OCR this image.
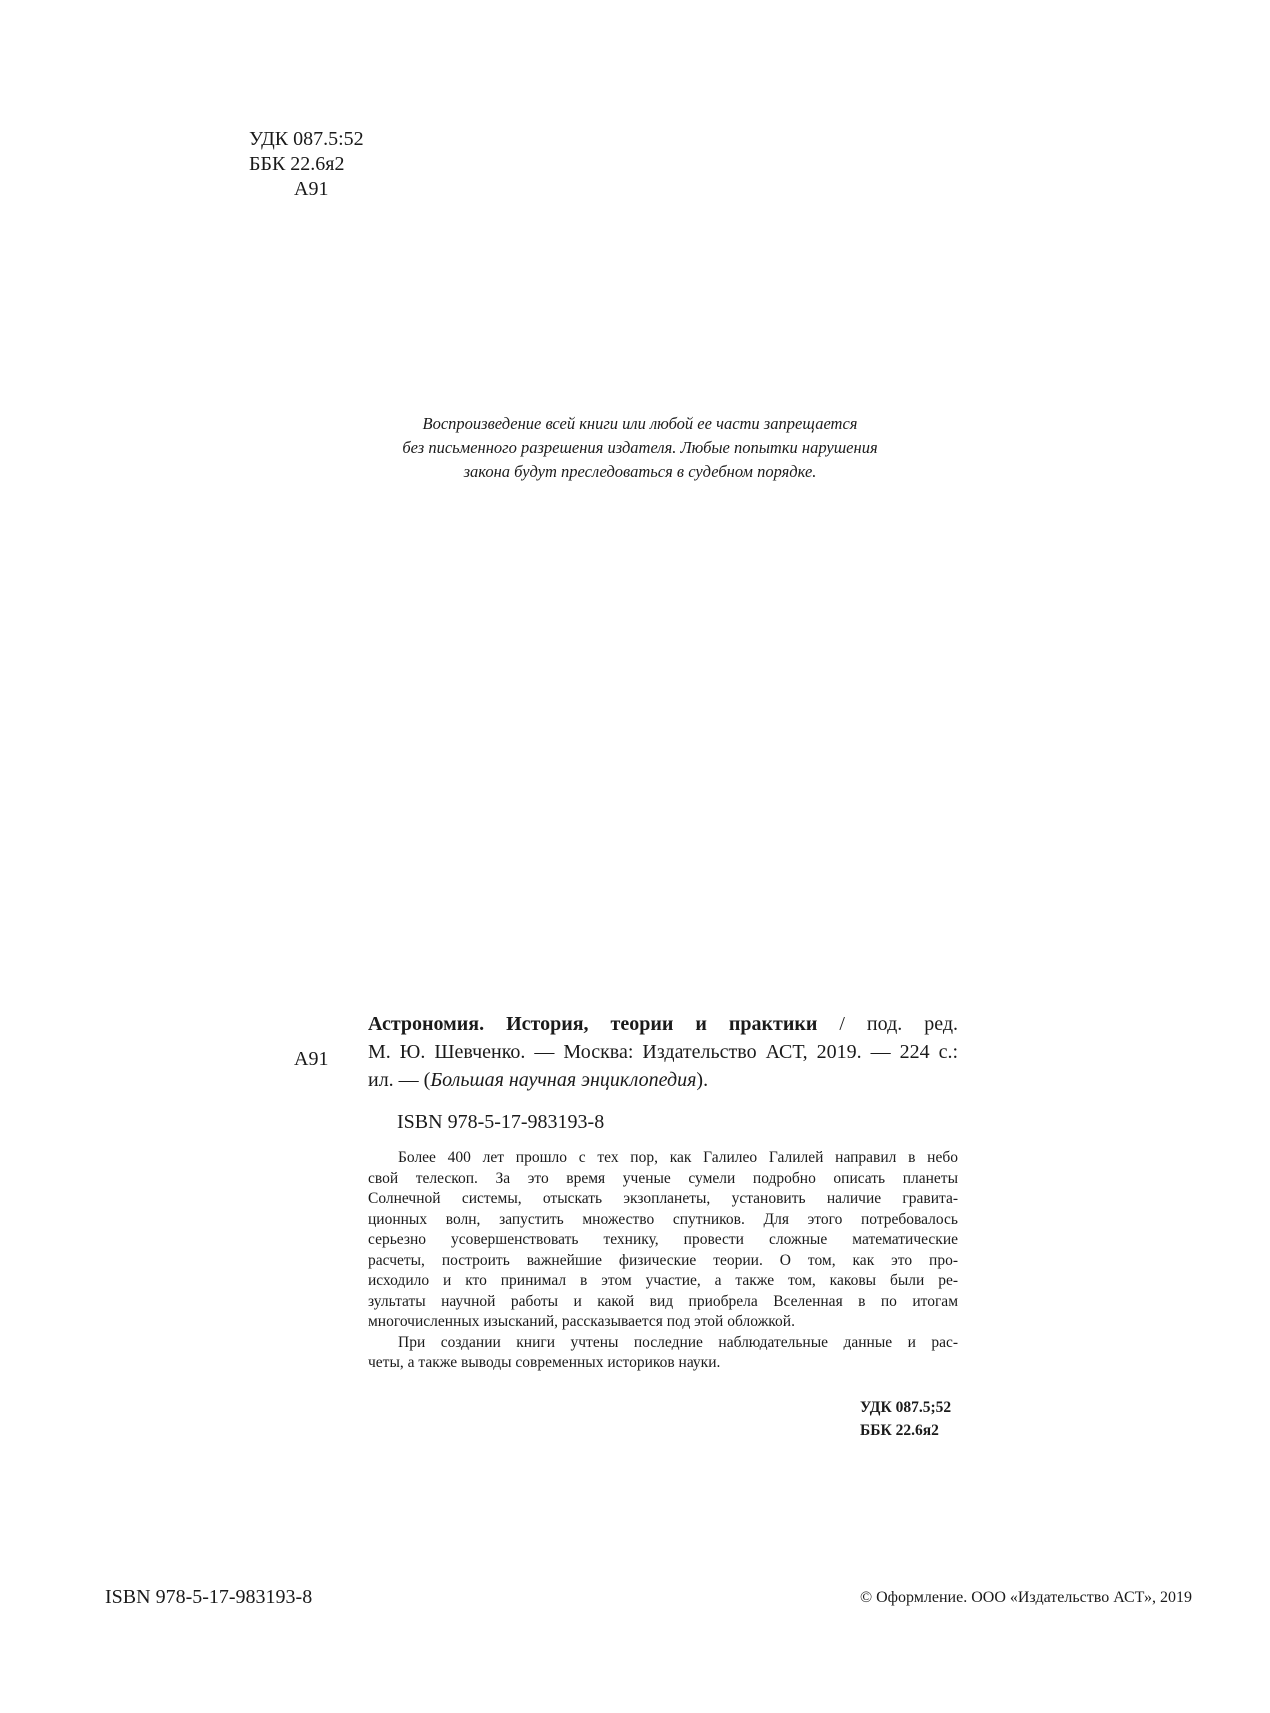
УДК 087.5:52
ББК 22.6я2
А91
Воспроизведение всей книги или любой ее части запрещается
без письменного разрешения издателя. Любые попытки нарушения
закона будут преследоваться в судебном порядке.
А91
Астрономия. История, теории и практики / под. ред.
М. Ю. Шевченко. — Москва: Издательство АСТ, 2019. — 224 с.:
ил. — (Большая научная энциклопедия).
ISBN 978-5-17-983193-8
Более 400 лет прошло с тех пор, как Галилео Галилей направил в небо
свой телескоп. За это время ученые сумели подробно описать планеты
Солнечной системы, отыскать экзопланеты, установить наличие гравита-
ционных волн, запустить множество спутников. Для этого потребовалось
серьезно усовершенствовать технику, провести сложные математические
расчеты, построить важнейшие физические теории. О том, как это про-
исходило и кто принимал в этом участие, а также том, каковы были ре-
зультаты научной работы и какой вид приобрела Вселенная в по итогам
многочисленных изысканий, рассказывается под этой обложкой.
При создании книги учтены последние наблюдательные данные и рас-
четы, а также выводы современных историков науки.
УДК 087.5;52
ББК 22.6я2
ISBN 978-5-17-983193-8	© Оформление. ООО «Издательство АСТ», 2019
